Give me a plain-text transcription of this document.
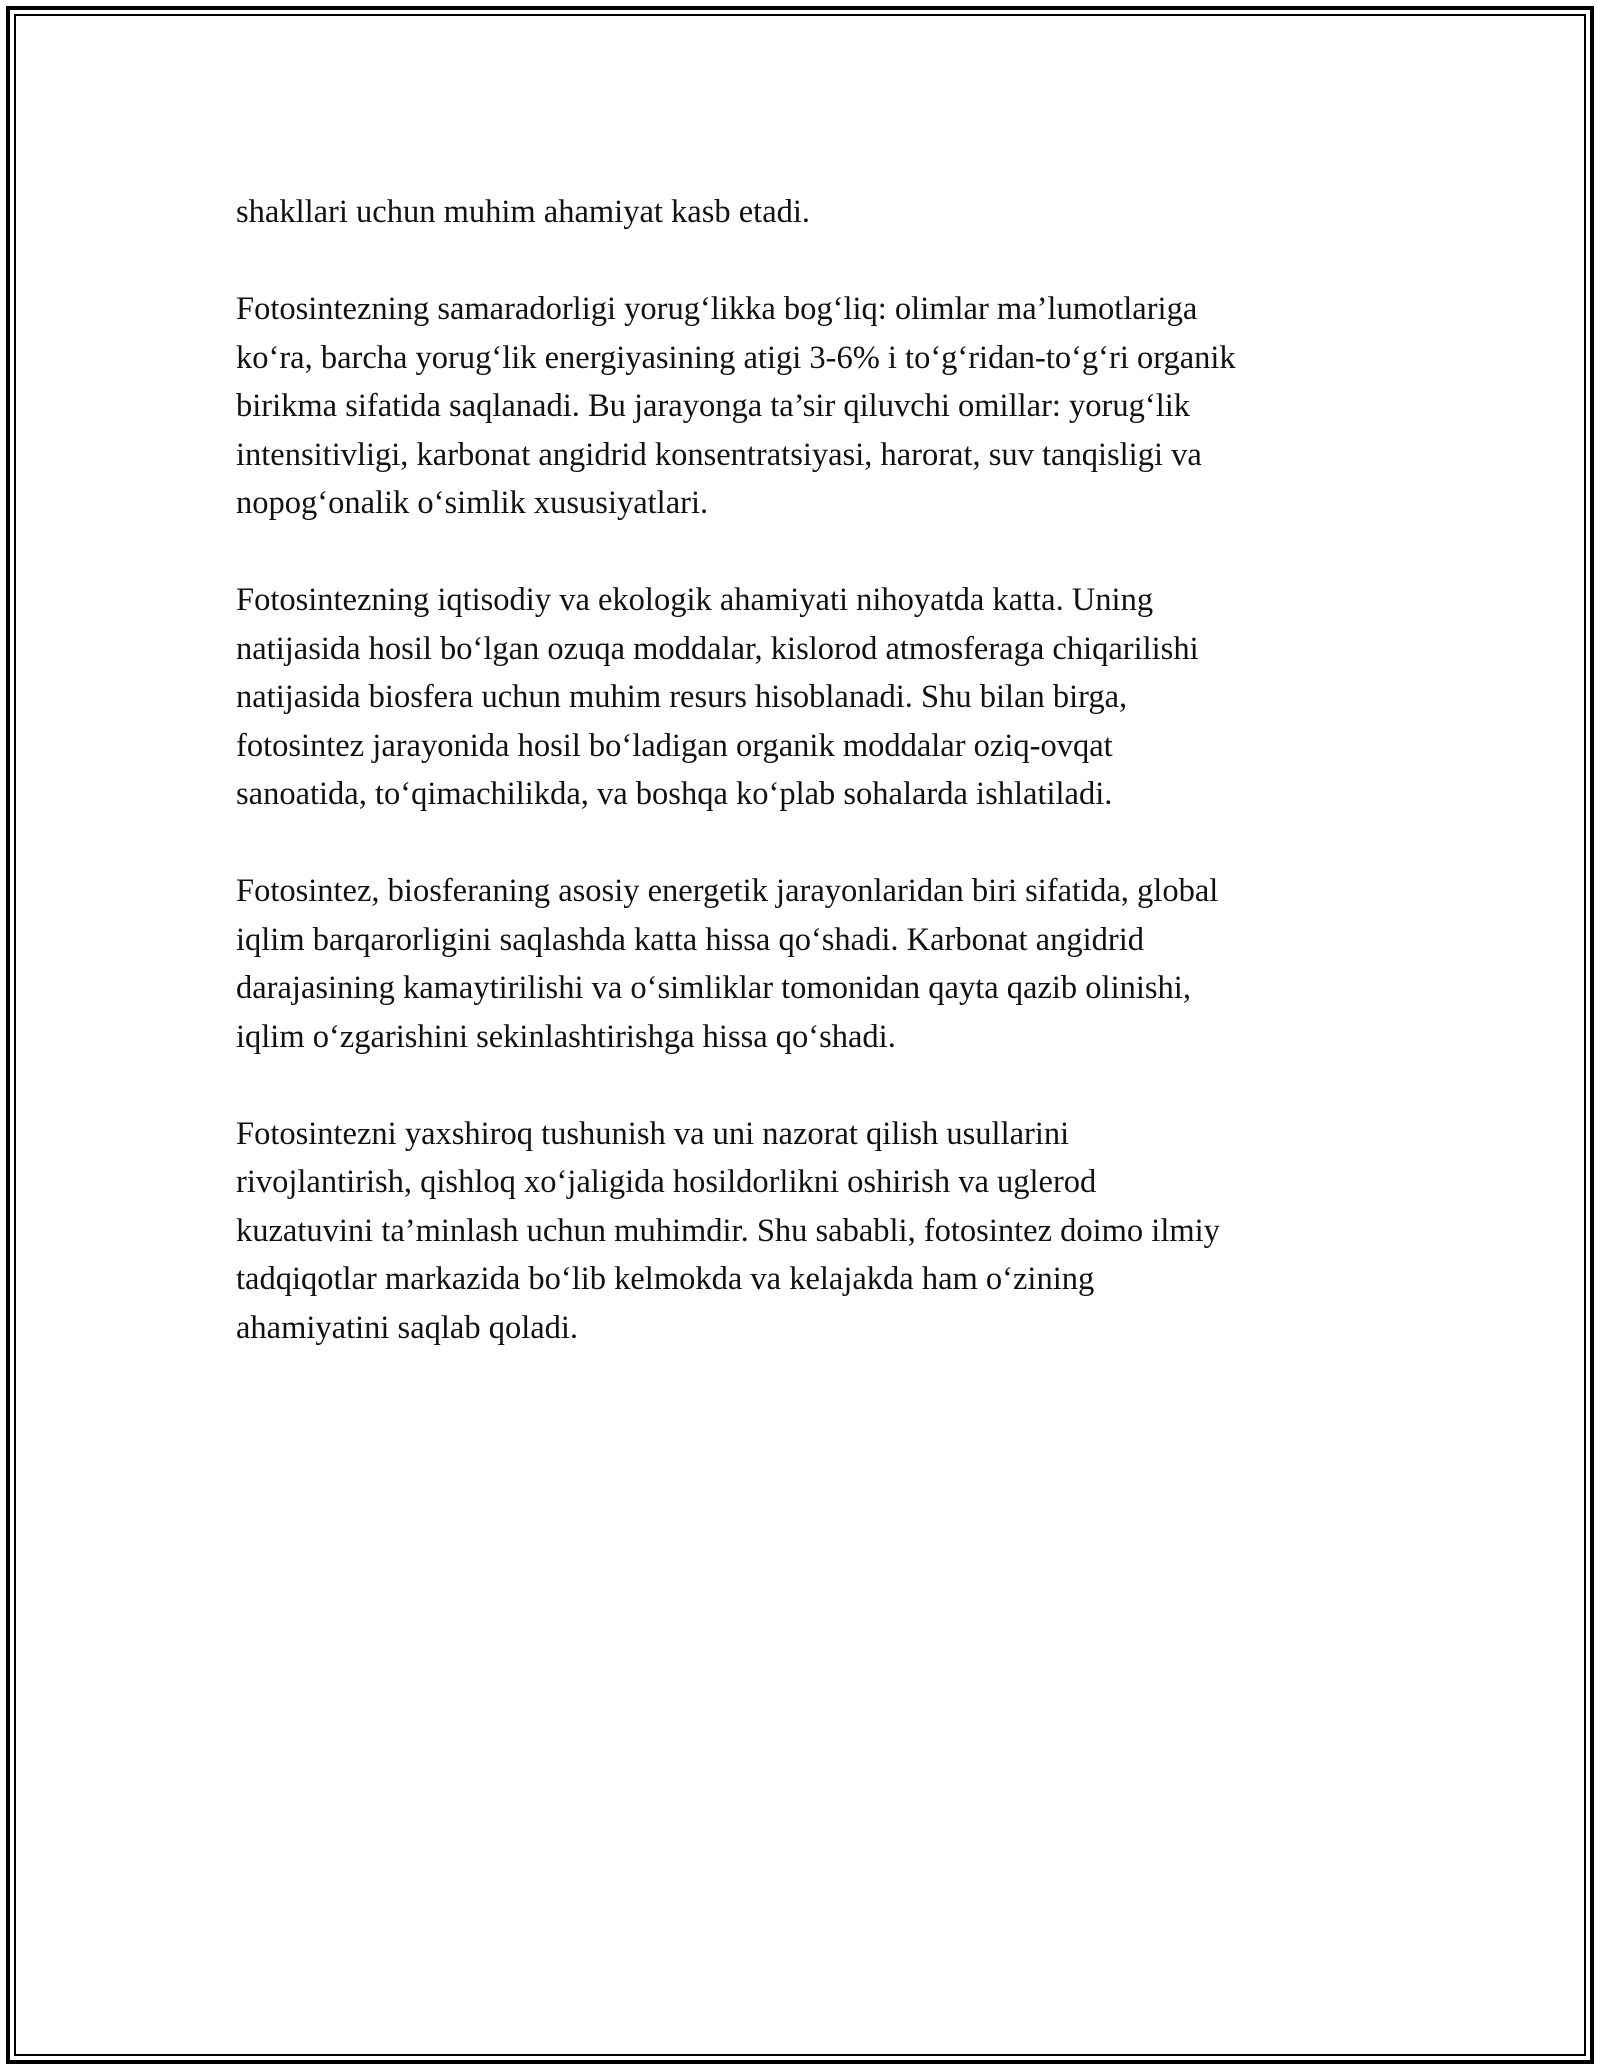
shakllari uchun muhim ahamiyat kasb etadi.

Fotosintezning samaradorligi yorug‘likka bog‘liq: olimlar ma’lumotlariga
ko‘ra, barcha yorug‘lik energiyasining atigi 3-6% i to‘g‘ridan-to‘g‘ri organik
birikma sifatida saqlanadi. Bu jarayonga ta’sir qiluvchi omillar: yorug‘lik
intensitivligi, karbonat angidrid konsentratsiyasi, harorat, suv tanqisligi va
nopog‘onalik o‘simlik xususiyatlari.

Fotosintezning iqtisodiy va ekologik ahamiyati nihoyatda katta. Uning
natijasida hosil bo‘lgan ozuqa moddalar, kislorod atmosferaga chiqarilishi
natijasida biosfera uchun muhim resurs hisoblanadi. Shu bilan birga,
fotosintez jarayonida hosil bo‘ladigan organik moddalar oziq-ovqat
sanoatida, to‘qimachilikda, va boshqa ko‘plab sohalarda ishlatiladi.

Fotosintez, biosferaning asosiy energetik jarayonlaridan biri sifatida, global
iqlim barqarorligini saqlashda katta hissa qo‘shadi. Karbonat angidrid
darajasining kamaytirilishi va o‘simliklar tomonidan qayta qazib olinishi,
iqlim o‘zgarishini sekinlashtirishga hissa qo‘shadi.

Fotosintezni yaxshiroq tushunish va uni nazorat qilish usullarini
rivojlantirish, qishloq xo‘jaligida hosildorlikni oshirish va uglerod
kuzatuvini ta’minlash uchun muhimdir. Shu sababli, fotosintez doimo ilmiy
tadqiqotlar markazida bo‘lib kelmokda va kelajakda ham o‘zining
ahamiyatini saqlab qoladi.
